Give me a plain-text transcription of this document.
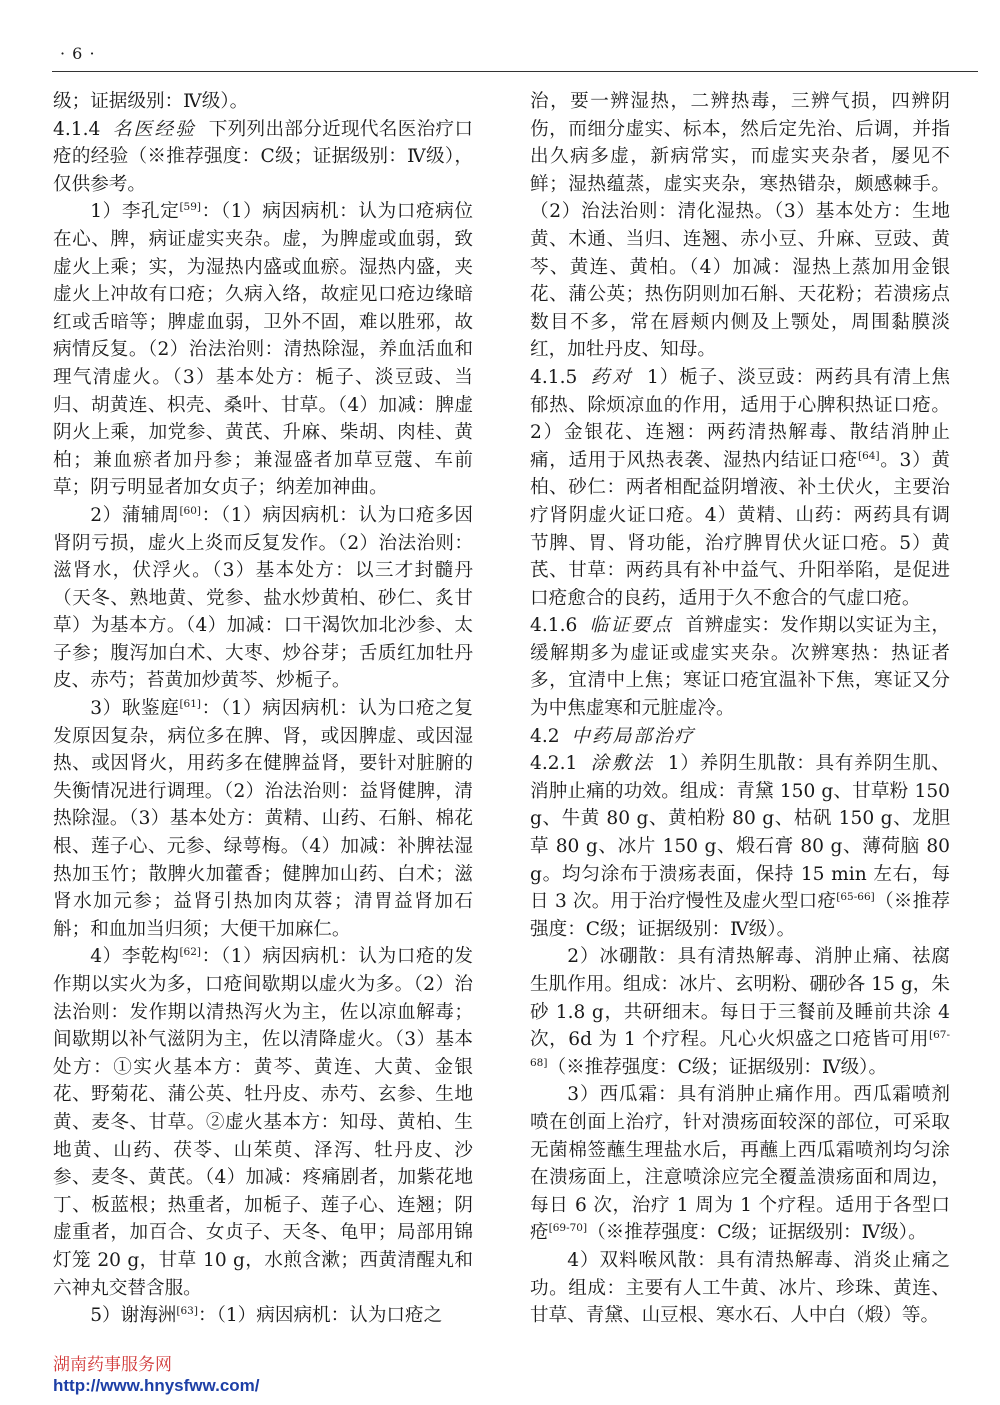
· 6 ·

级；证据级别：Ⅳ级）。

4.1.4 名医经验 下列列出部分近现代名医治疗口疮的经验（※推荐强度：C级；证据级别：Ⅳ级），仅供参考。

1）李孔定[59]：（1）病因病机：认为口疮病位在心、脾，病证虚实夹杂。虚，为脾虚或血弱，致虚火上乘；实，为湿热内盛或血瘀。湿热内盛，夹虚火上冲故有口疮；久病入络，故症见口疮边缘暗红或舌暗等；脾虚血弱，卫外不固，难以胜邪，故病情反复。（2）治法治则：清热除湿，养血活血和理气清虚火。（3）基本处方：栀子、淡豆豉、当归、胡黄连、枳壳、桑叶、甘草。（4）加减：脾虚阴火上乘，加党参、黄芪、升麻、柴胡、肉桂、黄柏；兼血瘀者加丹参；兼湿盛者加草豆蔻、车前草；阴亏明显者加女贞子；纳差加神曲。

2）蒲辅周[60]：（1）病因病机：认为口疮多因肾阴亏损，虚火上炎而反复发作。（2）治法治则：滋肾水，伏浮火。（3）基本处方：以三才封髓丹（天冬、熟地黄、党参、盐水炒黄柏、砂仁、炙甘草）为基本方。（4）加减：口干渴饮加北沙参、太子参；腹泻加白术、大枣、炒谷芽；舌质红加牡丹皮、赤芍；苔黄加炒黄芩、炒栀子。

3）耿鉴庭[61]：（1）病因病机：认为口疮之复发原因复杂，病位多在脾、肾，或因脾虚、或因湿热、或因肾火，用药多在健脾益肾，要针对脏腑的失衡情况进行调理。（2）治法治则：益肾健脾，清热除湿。（3）基本处方：黄精、山药、石斛、棉花根、莲子心、元参、绿萼梅。（4）加减：补脾祛湿热加玉竹；散脾火加藿香；健脾加山药、白术；滋肾水加元参；益肾引热加肉苁蓉；清胃益肾加石斛；和血加当归须；大便干加麻仁。

4）李乾构[62]：（1）病因病机：认为口疮的发作期以实火为多，口疮间歇期以虚火为多。（2）治法治则：发作期以清热泻火为主，佐以凉血解毒；间歇期以补气滋阴为主，佐以清降虚火。（3）基本处方：①实火基本方：黄芩、黄连、大黄、金银花、野菊花、蒲公英、牡丹皮、赤芍、玄参、生地黄、麦冬、甘草。②虚火基本方：知母、黄柏、生地黄、山药、茯苓、山茱萸、泽泻、牡丹皮、沙参、麦冬、黄芪。（4）加减：疼痛剧者，加紫花地丁、板蓝根；热重者，加栀子、莲子心、连翘；阴虚重者，加百合、女贞子、天冬、龟甲；局部用锦灯笼 20 g，甘草 10 g，水煎含漱；西黄清醒丸和六神丸交替含服。

5）谢海洲[63]：（1）病因病机：认为口疮之

治，要一辨湿热，二辨热毒，三辨气损，四辨阴伤，而细分虚实、标本，然后定先治、后调，并指出久病多虚，新病常实，而虚实夹杂者，屡见不鲜；湿热蕴蒸，虚实夹杂，寒热错杂，颇感棘手。（2）治法治则：清化湿热。（3）基本处方：生地黄、木通、当归、连翘、赤小豆、升麻、豆豉、黄芩、黄连、黄柏。（4）加减：湿热上蒸加用金银花、蒲公英；热伤阴则加石斛、天花粉；若溃疡点数目不多，常在唇颊内侧及上颚处，周围黏膜淡红，加牡丹皮、知母。

4.1.5 药对 1）栀子、淡豆豉：两药具有清上焦郁热、除烦凉血的作用，适用于心脾积热证口疮。2）金银花、连翘：两药清热解毒、散结消肿止痛，适用于风热表袭、湿热内结证口疮[64]。3）黄柏、砂仁：两者相配益阴增液、补土伏火，主要治疗肾阴虚火证口疮。4）黄精、山药：两药具有调节脾、胃、肾功能，治疗脾胃伏火证口疮。5）黄芪、甘草：两药具有补中益气、升阳举陷，是促进口疮愈合的良药，适用于久不愈合的气虚口疮。

4.1.6 临证要点 首辨虚实：发作期以实证为主，缓解期多为虚证或虚实夹杂。次辨寒热：热证者多，宜清中上焦；寒证口疮宜温补下焦，寒证又分为中焦虚寒和元脏虚冷。

4.2 中药局部治疗

4.2.1 涂敷法 1）养阴生肌散：具有养阴生肌、消肿止痛的功效。组成：青黛 150 g、甘草粉 150 g、牛黄 80 g、黄柏粉 80 g、枯矾 150 g、龙胆草 80 g、冰片 150 g、煅石膏 80 g、薄荷脑 80 g。均匀涂布于溃疡表面，保持 15 min 左右，每日 3 次。用于治疗慢性及虚火型口疮[65-66]（※推荐强度：C级；证据级别：Ⅳ级）。

2）冰硼散：具有清热解毒、消肿止痛、祛腐生肌作用。组成：冰片、玄明粉、硼砂各 15 g，朱砂 1.8 g，共研细末。每日于三餐前及睡前共涂 4 次，6d 为 1 个疗程。凡心火炽盛之口疮皆可用[67-68]（※推荐强度：C级；证据级别：Ⅳ级）。

3）西瓜霜：具有消肿止痛作用。西瓜霜喷剂喷在创面上治疗，针对溃疡面较深的部位，可采取无菌棉签蘸生理盐水后，再蘸上西瓜霜喷剂均匀涂在溃疡面上，注意喷涂应完全覆盖溃疡面和周边，每日 6 次，治疗 1 周为 1 个疗程。适用于各型口疮[69-70]（※推荐强度：C级；证据级别：Ⅳ级）。

4）双料喉风散：具有清热解毒、消炎止痛之功。组成：主要有人工牛黄、冰片、珍珠、黄连、甘草、青黛、山豆根、寒水石、人中白（煅）等。

湖南药事服务网
http://www.hnysfww.com/
